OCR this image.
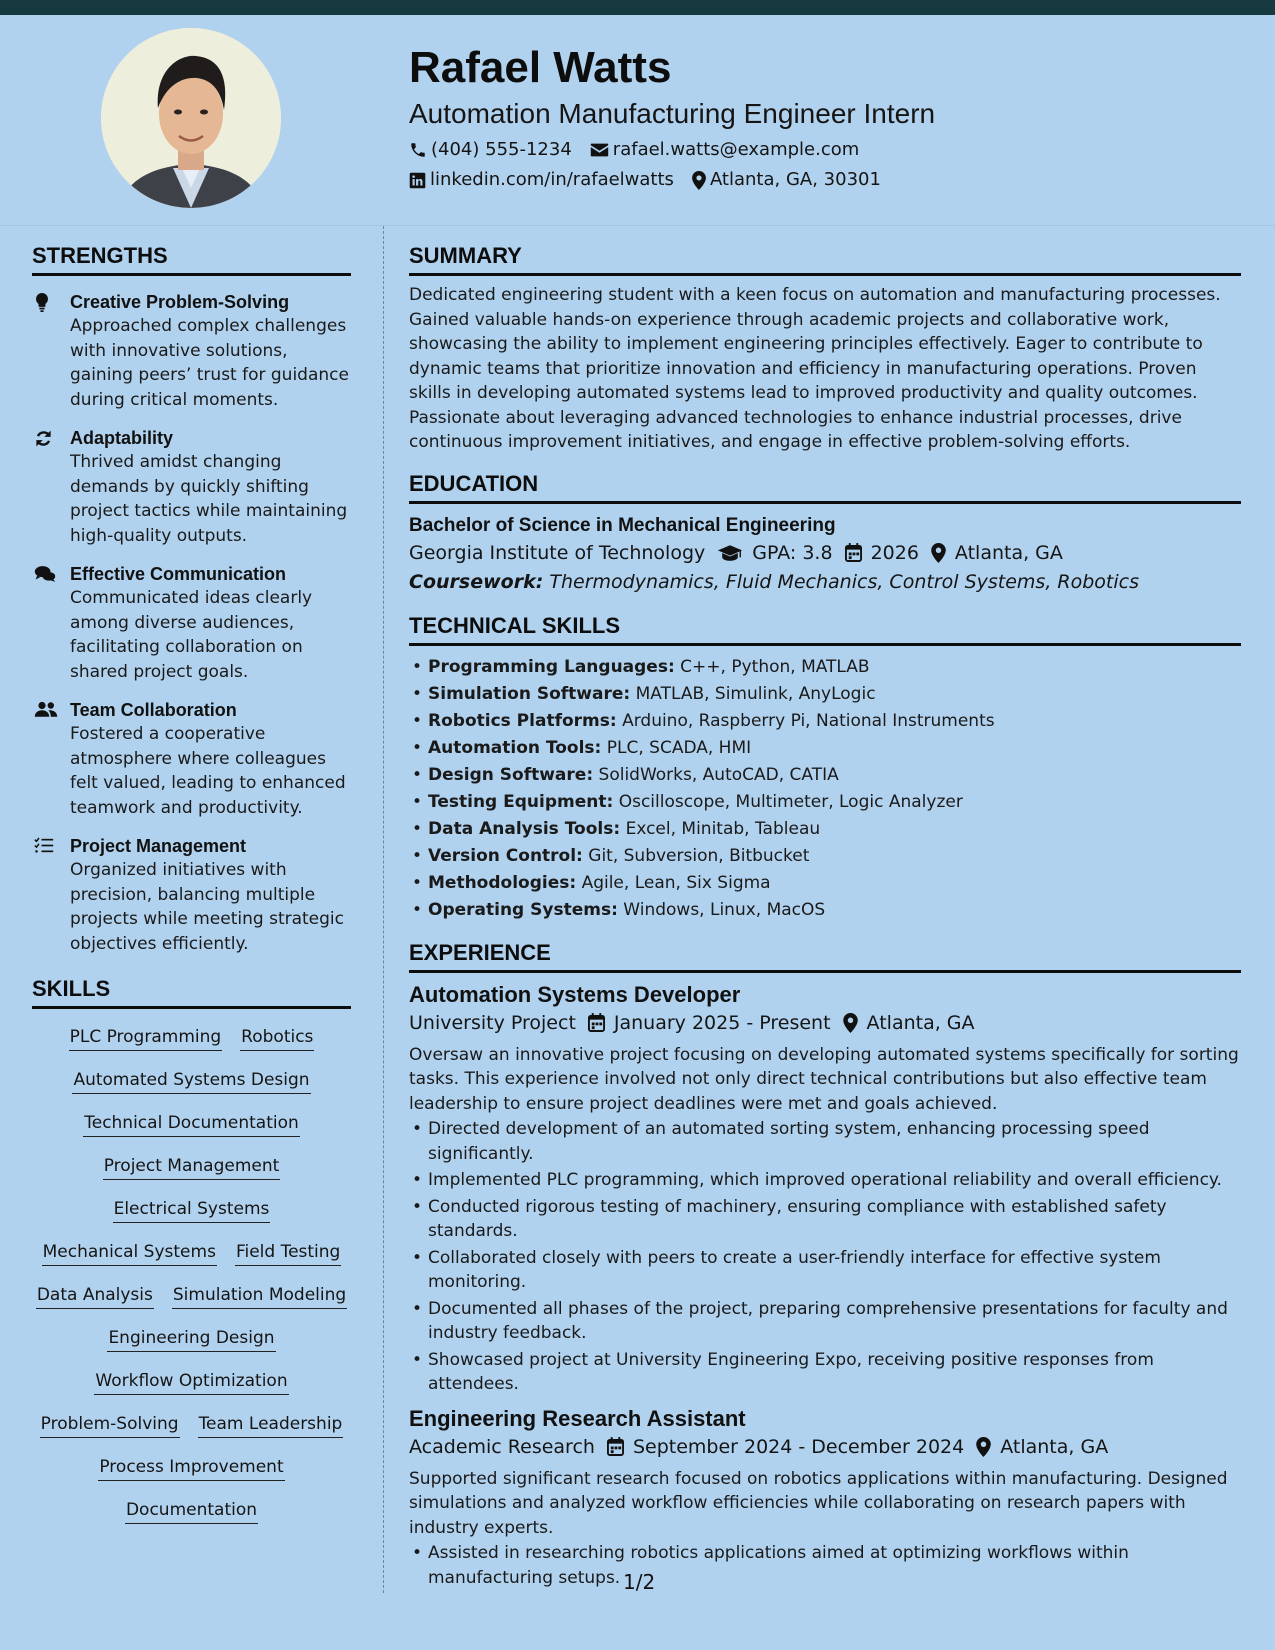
Rafael Watts
Automation Manufacturing Engineer Intern
(404) 555-1234 rafael.watts@example.com
linkedin.com/in/rafaelwatts Atlanta, GA, 30301
STRENGTHS
Creative Problem-Solving
Approached complex challenges with innovative solutions, gaining peers’ trust for guidance during critical moments.
Adaptability
Thrived amidst changing demands by quickly shifting project tactics while maintaining high-quality outputs.
Effective Communication
Communicated ideas clearly among diverse audiences, facilitating collaboration on shared project goals.
Team Collaboration
Fostered a cooperative atmosphere where colleagues felt valued, leading to enhanced teamwork and productivity.
Project Management
Organized initiatives with precision, balancing multiple projects while meeting strategic objectives efficiently.
SKILLS
PLC Programming Robotics
Automated Systems Design
Technical Documentation
Project Management
Electrical Systems
Mechanical Systems Field Testing
Data Analysis Simulation Modeling
Engineering Design
Workflow Optimization
Problem-Solving Team Leadership
Process Improvement
Documentation
SUMMARY
Dedicated engineering student with a keen focus on automation and manufacturing processes. Gained valuable hands-on experience through academic projects and collaborative work, showcasing the ability to implement engineering principles effectively. Eager to contribute to dynamic teams that prioritize innovation and efficiency in manufacturing operations. Proven skills in developing automated systems lead to improved productivity and quality outcomes. Passionate about leveraging advanced technologies to enhance industrial processes, drive continuous improvement initiatives, and engage in effective problem-solving efforts.
EDUCATION
Bachelor of Science in Mechanical Engineering
Georgia Institute of Technology GPA: 3.8 2026 Atlanta, GA
Coursework: Thermodynamics, Fluid Mechanics, Control Systems, Robotics
TECHNICAL SKILLS
• Programming Languages: C++, Python, MATLAB
• Simulation Software: MATLAB, Simulink, AnyLogic
• Robotics Platforms: Arduino, Raspberry Pi, National Instruments
• Automation Tools: PLC, SCADA, HMI
• Design Software: SolidWorks, AutoCAD, CATIA
• Testing Equipment: Oscilloscope, Multimeter, Logic Analyzer
• Data Analysis Tools: Excel, Minitab, Tableau
• Version Control: Git, Subversion, Bitbucket
• Methodologies: Agile, Lean, Six Sigma
• Operating Systems: Windows, Linux, MacOS
EXPERIENCE
Automation Systems Developer
University Project January 2025 - Present Atlanta, GA
Oversaw an innovative project focusing on developing automated systems specifically for sorting tasks. This experience involved not only direct technical contributions but also effective team leadership to ensure project deadlines were met and goals achieved.
• Directed development of an automated sorting system, enhancing processing speed significantly.
• Implemented PLC programming, which improved operational reliability and overall efficiency.
• Conducted rigorous testing of machinery, ensuring compliance with established safety standards.
• Collaborated closely with peers to create a user-friendly interface for effective system monitoring.
• Documented all phases of the project, preparing comprehensive presentations for faculty and industry feedback.
• Showcased project at University Engineering Expo, receiving positive responses from attendees.
Engineering Research Assistant
Academic Research September 2024 - December 2024 Atlanta, GA
Supported significant research focused on robotics applications within manufacturing. Designed simulations and analyzed workflow efficiencies while collaborating on research papers with industry experts.
• Assisted in researching robotics applications aimed at optimizing workflows within manufacturing setups. 1/2
